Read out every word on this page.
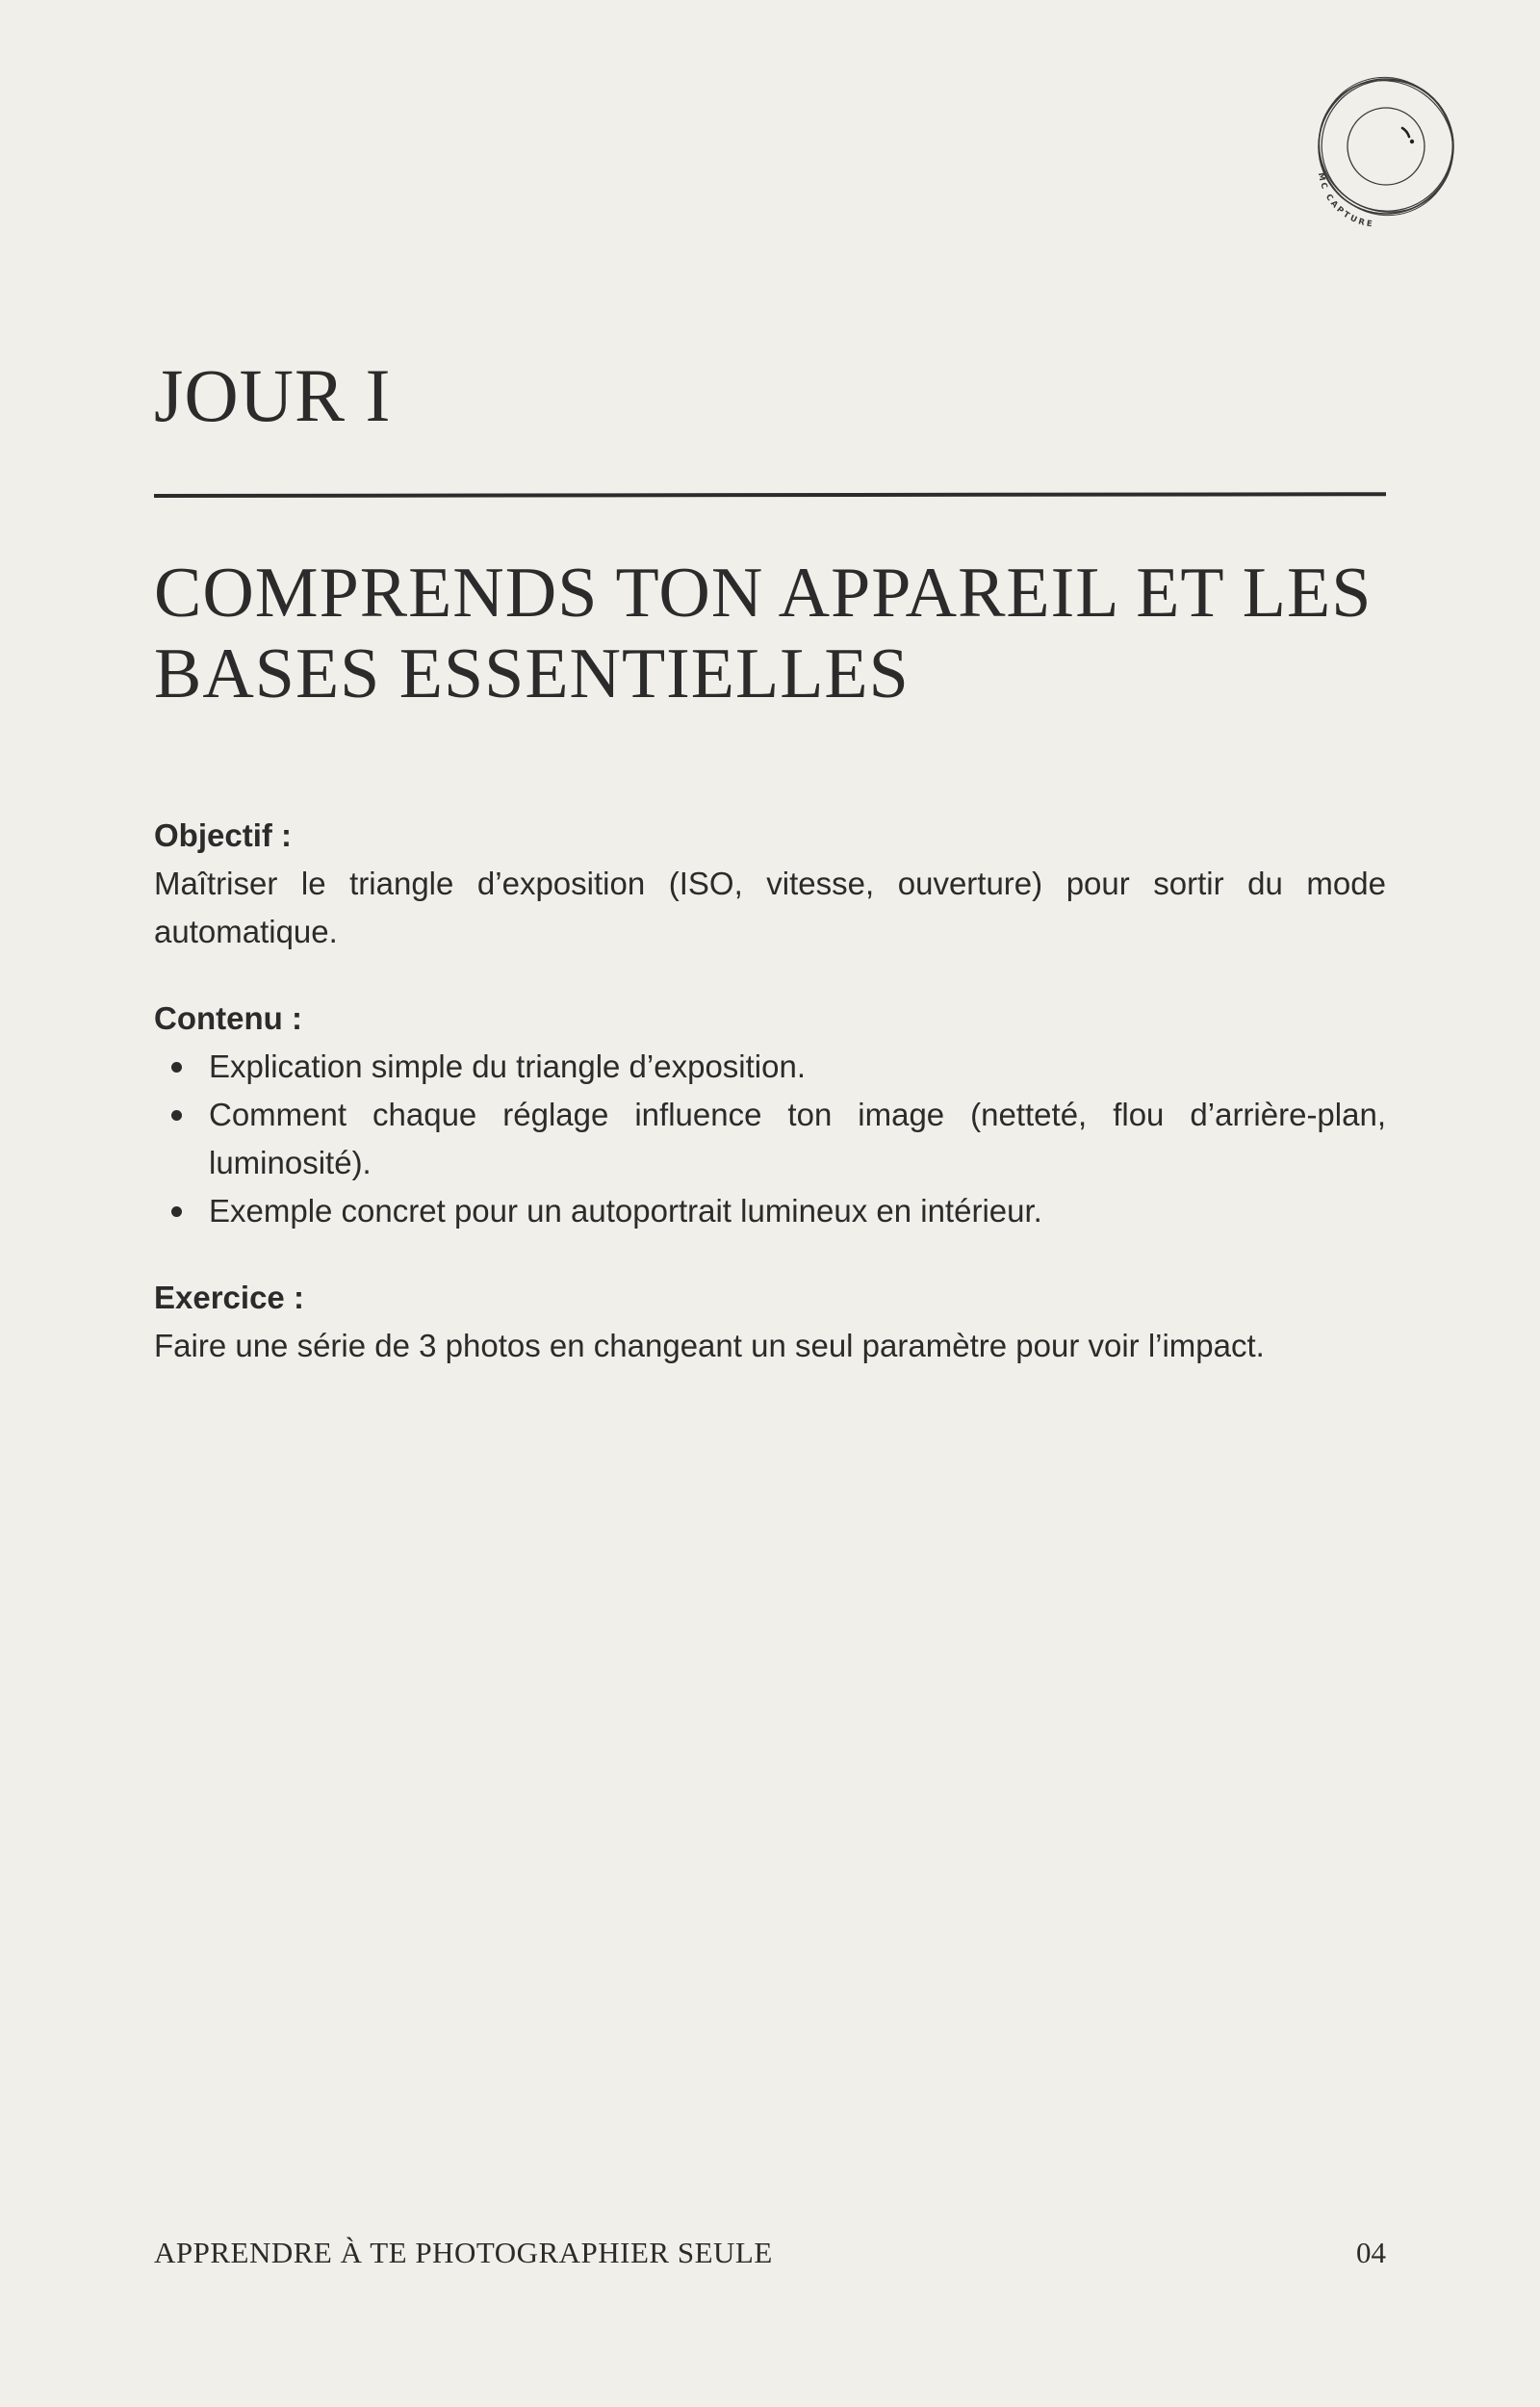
MC CAPTURE
JOUR I
COMPRENDS TON APPAREIL ET LES
BASES ESSENTIELLES

Objectif :

Maîtriser le triangle d’exposition (ISO, vitesse, ouverture) pour sortir du mode automatique.

Contenu :

Explication simple du triangle d’exposition.
Comment chaque réglage influence ton image (netteté, flou d’arrière-plan, luminosité).
Exemple concret pour un autoportrait lumineux en intérieur.

Exercice :

Faire une série de 3 photos en changeant un seul paramètre pour voir l’impact.

APPRENDRE À TE PHOTOGRAPHIER SEULE	04
